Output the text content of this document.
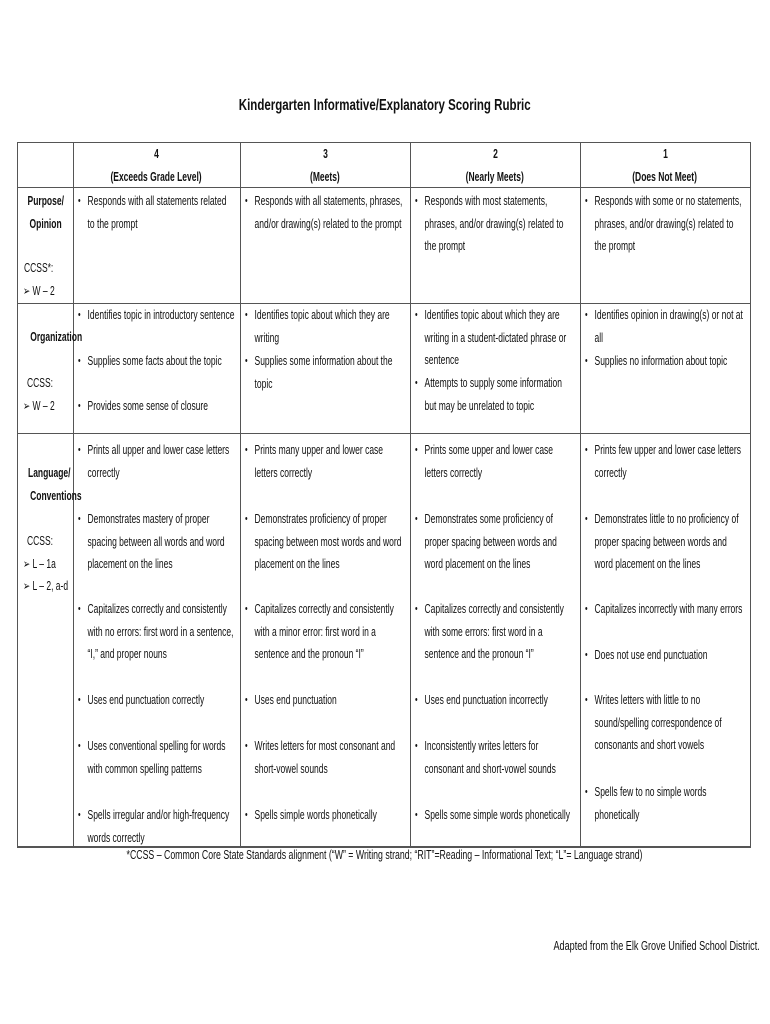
Kindergarten Informative/Explanatory Scoring Rubric
4
(Exceeds Grade Level)
3
(Meets)
2
(Nearly Meets)
1
(Does Not Meet)
Purpose/
Opinion
CCSS*:
➢ W – 2
Organization
CCSS:
➢ W – 2
Language/
Conventions
CCSS:
➢ L – 1a
➢ L – 2, a-d
• Responds with all statements related to the prompt
• Responds with all statements, phrases, and/or drawing(s) related to the prompt
• Responds with most statements, phrases, and/or drawing(s) related to the prompt
• Responds with some or no statements, phrases, and/or drawing(s) related to the prompt
• Identifies topic in introductory sentence
• Supplies some facts about the topic
• Provides some sense of closure
• Identifies topic about which they are writing
• Supplies some information about the topic
• Identifies topic about which they are writing in a student-dictated phrase or sentence
• Attempts to supply some information but may be unrelated to topic
• Identifies opinion in drawing(s) or not at all
• Supplies no information about topic
• Prints all upper and lower case letters correctly
• Demonstrates mastery of proper spacing between all words and word placement on the lines
• Capitalizes correctly and consistently with no errors: first word in a sentence, “I,” and proper nouns
• Uses end punctuation correctly
• Uses conventional spelling for words with common spelling patterns
• Spells irregular and/or high-frequency words correctly
• Prints many upper and lower case letters correctly
• Demonstrates proficiency of proper spacing between most words and word placement on the lines
• Capitalizes correctly and consistently with a minor error: first word in a sentence and the pronoun “I”
• Uses end punctuation
• Writes letters for most consonant and short-vowel sounds
• Spells simple words phonetically
• Prints some upper and lower case letters correctly
• Demonstrates some proficiency of proper spacing between words and word placement on the lines
• Capitalizes correctly and consistently with some errors: first word in a sentence and the pronoun “I”
• Uses end punctuation incorrectly
• Inconsistently writes letters for consonant and short-vowel sounds
• Spells some simple words phonetically
• Prints few upper and lower case letters correctly
• Demonstrates little to no proficiency of proper spacing between words and word placement on the lines
• Capitalizes incorrectly with many errors
• Does not use end punctuation
• Writes letters with little to no sound/spelling correspondence of consonants and short vowels
• Spells few to no simple words phonetically
*CCSS – Common Core State Standards alignment (“W” = Writing strand; “RIT”=Reading – Informational Text; “L”= Language strand)
Adapted from the Elk Grove Unified School District.
